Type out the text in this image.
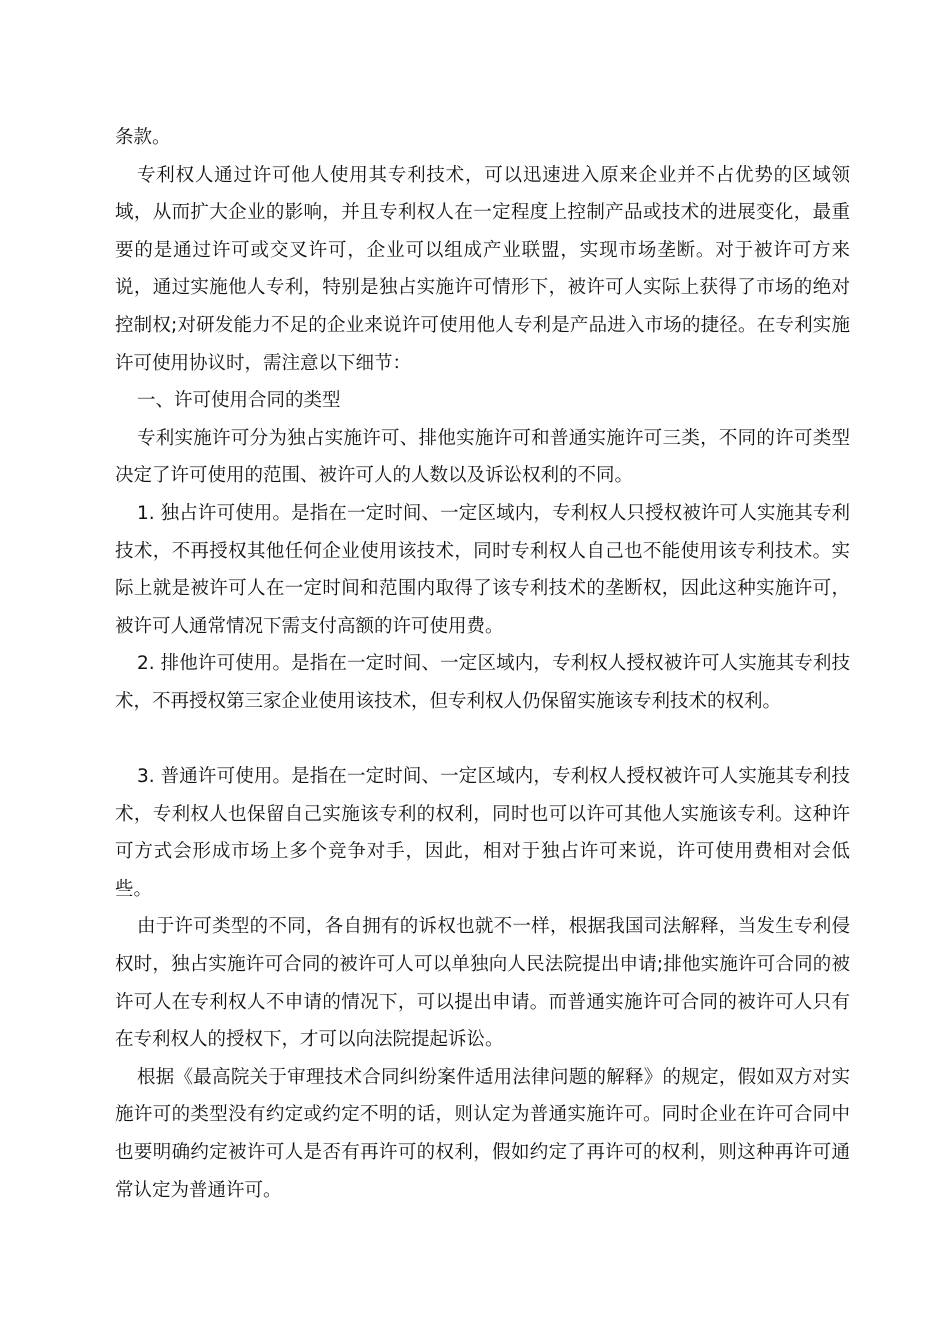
条款。

专利权人通过许可他人使用其专利技术，可以迅速进入原来企业并不占优势的区域领域，从而扩大企业的影响，并且专利权人在一定程度上控制产品或技术的进展变化，最重要的是通过许可或交叉许可，企业可以组成产业联盟，实现市场垄断。对于被许可方来说，通过实施他人专利，特别是独占实施许可情形下，被许可人实际上获得了市场的绝对控制权;对研发能力不足的企业来说许可使用他人专利是产品进入市场的捷径。在专利实施许可使用协议时，需注意以下细节：

一、许可使用合同的类型

专利实施许可分为独占实施许可、排他实施许可和普通实施许可三类，不同的许可类型决定了许可使用的范围、被许可人的人数以及诉讼权利的不同。

1. 独占许可使用。是指在一定时间、一定区域内，专利权人只授权被许可人实施其专利技术，不再授权其他任何企业使用该技术，同时专利权人自己也不能使用该专利技术。实际上就是被许可人在一定时间和范围内取得了该专利技术的垄断权，因此这种实施许可，被许可人通常情况下需支付高额的许可使用费。

2. 排他许可使用。是指在一定时间、一定区域内，专利权人授权被许可人实施其专利技术，不再授权第三家企业使用该技术，但专利权人仍保留实施该专利技术的权利。

3. 普通许可使用。是指在一定时间、一定区域内，专利权人授权被许可人实施其专利技术，专利权人也保留自己实施该专利的权利，同时也可以许可其他人实施该专利。这种许可方式会形成市场上多个竞争对手，因此，相对于独占许可来说，许可使用费相对会低些。

由于许可类型的不同，各自拥有的诉权也就不一样，根据我国司法解释，当发生专利侵权时，独占实施许可合同的被许可人可以单独向人民法院提出申请;排他实施许可合同的被许可人在专利权人不申请的情况下，可以提出申请。而普通实施许可合同的被许可人只有在专利权人的授权下，才可以向法院提起诉讼。

根据《最高院关于审理技术合同纠纷案件适用法律问题的解释》的规定，假如双方对实施许可的类型没有约定或约定不明的话，则认定为普通实施许可。同时企业在许可合同中也要明确约定被许可人是否有再许可的权利，假如约定了再许可的权利，则这种再许可通常认定为普通许可。
